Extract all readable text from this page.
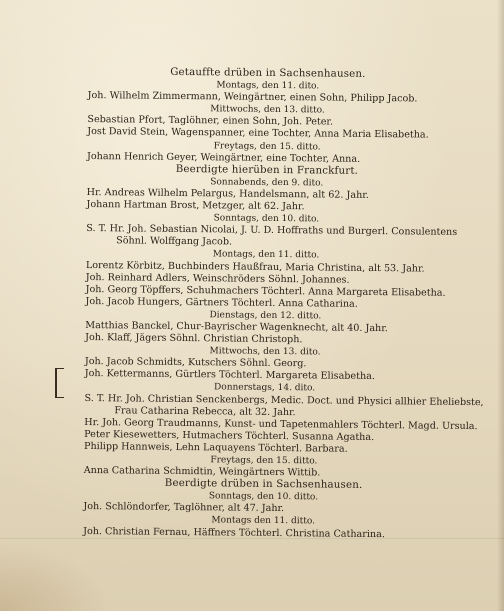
Getauffte drüben in Sachsenhausen.
Montags, den 11. dito.
Joh. Wilhelm Zimmermann, Weingärtner, einen Sohn, Philipp Jacob.
Mittwochs, den 13. ditto.
Sebastian Pfort, Taglöhner, einen Sohn, Joh. Peter.
Jost David Stein, Wagenspanner, eine Tochter, Anna Maria Elisabetha.
Freytags, den 15. ditto.
Johann Henrich Geyer, Weingärtner, eine Tochter, Anna.
Beerdigte hierüben in Franckfurt.
Sonnabends, den 9. dito.
Hr. Andreas Wilhelm Pelargus, Handelsmann, alt 62. Jahr.
Johann Hartman Brost, Metzger, alt 62. Jahr.
Sonntags, den 10. dito.
S. T. Hr. Joh. Sebastian Nicolai, J. U. D. Hoffraths und Burgerl. Consulentens
Söhnl. Wolffgang Jacob.
Montags, den 11. ditto.
Lorentz Körbitz, Buchbinders Haußfrau, Maria Christina, alt 53. Jahr.
Joh. Reinhard Adlers, Weinschröders Söhnl. Johannes.
Joh. Georg Töpffers, Schuhmachers Töchterl. Anna Margareta Elisabetha.
Joh. Jacob Hungers, Gärtners Töchterl. Anna Catharina.
Dienstags, den 12. ditto.
Matthias Banckel, Chur-Bayrischer Wagenknecht, alt 40. Jahr.
Joh. Klaff, Jägers Söhnl. Christian Christoph.
Mittwochs, den 13. dito.
Joh. Jacob Schmidts, Kutschers Söhnl. Georg.
Joh. Kettermanns, Gürtlers Töchterl. Margareta Elisabetha.
Donnerstags, 14. dito.
S. T. Hr. Joh. Christian Senckenbergs, Medic. Doct. und Physici allhier Eheliebste,
Frau Catharina Rebecca, alt 32. Jahr.
Hr. Joh. Georg Traudmanns, Kunst- und Tapetenmahlers Töchterl. Magd. Ursula.
Peter Kiesewetters, Hutmachers Töchterl. Susanna Agatha.
Philipp Hannweis, Lehn Laquayens Töchterl. Barbara.
Freytags, den 15. ditto.
Anna Catharina Schmidtin, Weingärtners Wittib.
Beerdigte drüben in Sachsenhausen.
Sonntags, den 10. ditto.
Joh. Schlöndorfer, Taglöhner, alt 47. Jahr.
Montags den 11. ditto.
Joh. Christian Fernau, Häffners Töchterl. Christina Catharina.
